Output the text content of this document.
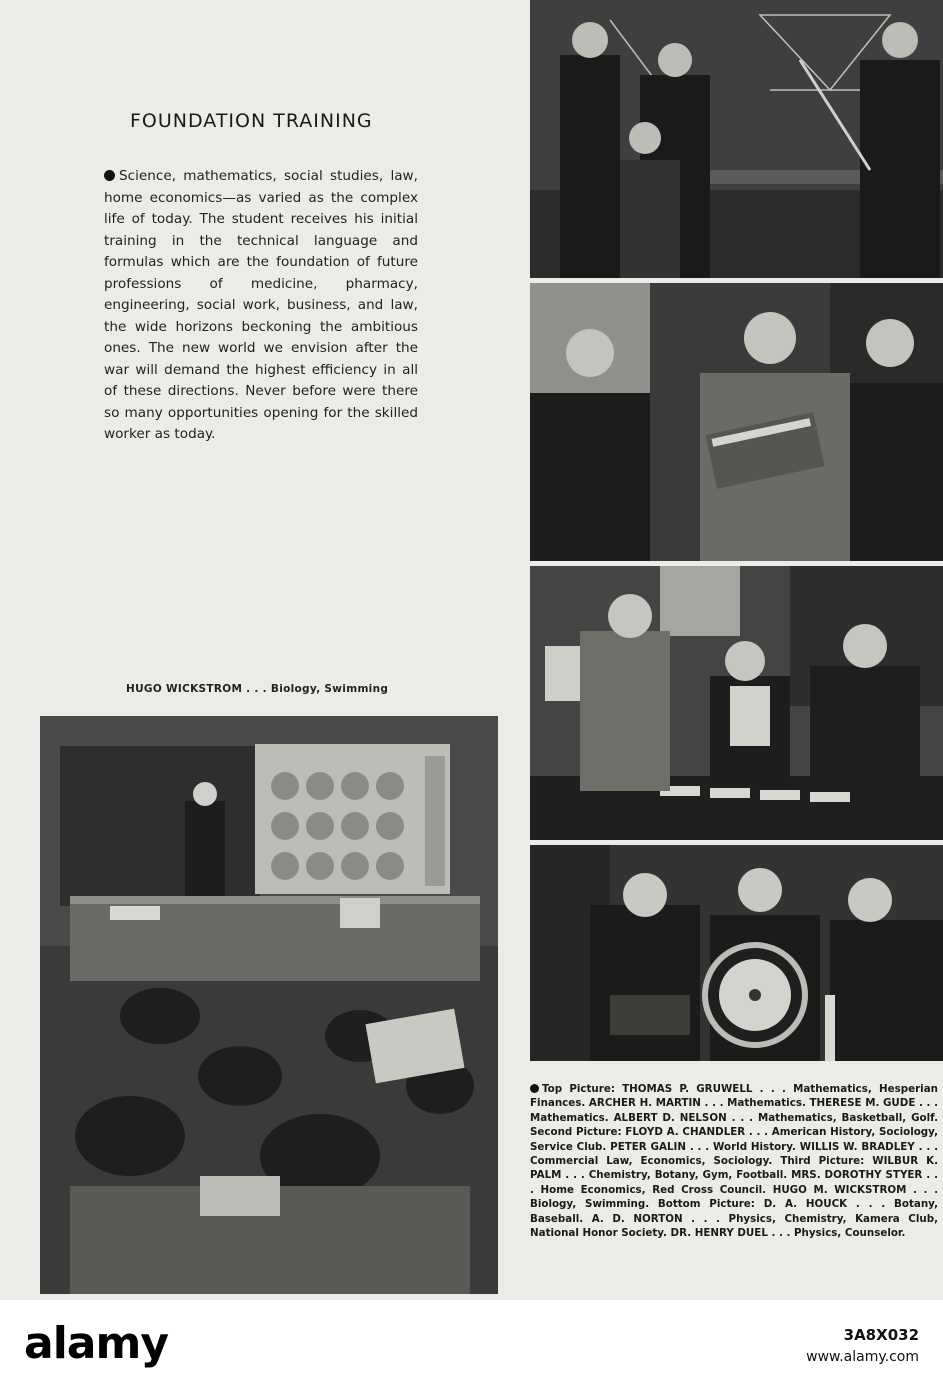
FOUNDATION TRAINING

Science, mathematics, social studies, law, home economics—as varied as the complex life of today. The student receives his initial training in the technical language and formulas which are the foundation of future professions of medicine, pharmacy, engineering, social work, business, and law, the wide horizons beckoning the ambitious ones. The new world we envision after the war will demand the highest efficiency in all of these directions. Never before were there so many opportunities opening for the skilled worker as today.

HUGO WICKSTROM . . . Biology, Swimming

Top Picture: THOMAS P. GRUWELL . . . Mathematics, Hesperian Finances. ARCHER H. MARTIN . . . Mathematics. THERESE M. GUDE . . . Mathematics. ALBERT D. NELSON . . . Mathematics, Basketball, Golf. Second Picture: FLOYD A. CHANDLER . . . American History, Sociology, Service Club. PETER GALIN . . . World History. WILLIS W. BRADLEY . . . Commercial Law, Economics, Sociology. Third Picture: WILBUR K. PALM . . . Chemistry, Botany, Gym, Football. MRS. DOROTHY STYER . . . Home Economics, Red Cross Council. HUGO M. WICKSTROM . . . Biology, Swimming. Bottom Picture: D. A. HOUCK . . . Botany, Baseball. A. D. NORTON . . . Physics, Chemistry, Kamera Club, National Honor Society. DR. HENRY DUEL . . . Physics, Counselor.

alamy	3A8X032
www.alamy.com
